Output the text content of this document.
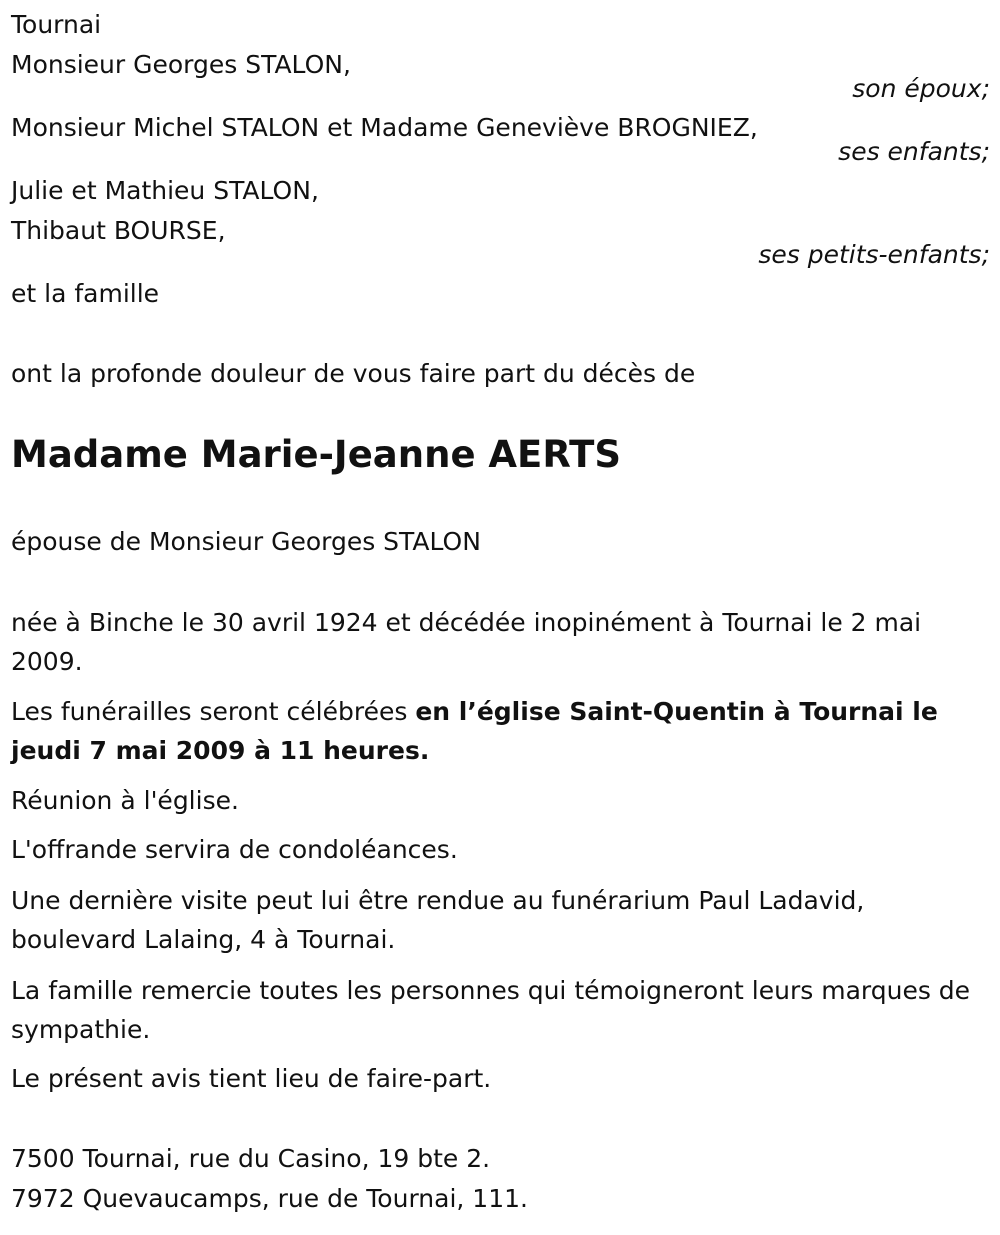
Tournai
Monsieur Georges STALON,
son époux;
Monsieur Michel STALON et Madame Geneviève BROGNIEZ,
ses enfants;
Julie et Mathieu STALON,
Thibaut BOURSE,
ses petits-enfants;
et la famille
ont la profonde douleur de vous faire part du décès de
Madame Marie-Jeanne AERTS
épouse de Monsieur Georges STALON
née à Binche le 30 avril 1924 et décédée inopinément à Tournai le 2 mai 2009.
Les funérailles seront célébrées en l’église Saint-Quentin à Tournai le jeudi 7 mai 2009 à 11 heures.
Réunion à l'église.
L'offrande servira de condoléances.
Une dernière visite peut lui être rendue au funérarium Paul Ladavid, boulevard Lalaing, 4 à Tournai.
La famille remercie toutes les personnes qui témoigneront leurs marques de sympathie.
Le présent avis tient lieu de faire-part.
7500 Tournai, rue du Casino, 19 bte 2.
7972 Quevaucamps, rue de Tournai, 111.
